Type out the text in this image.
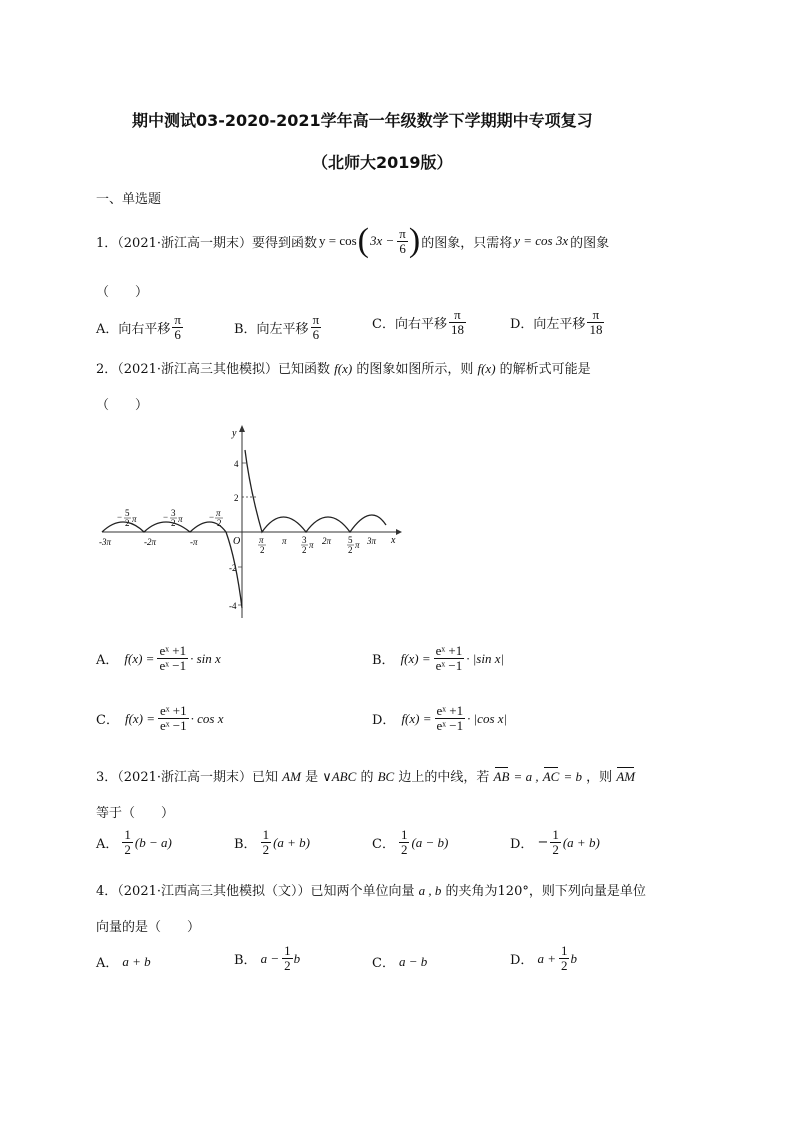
期中测试03-2020-2021学年高一年级数学下学期期中专项复习
（北师大2019版）
一、单选题
1．（2021·浙江高一期末）要得到函数 y = cos ( $3x - \frac{\pi}{6}$ ) 的图象，只需将 y = cos 3x 的图象
（　　）
A．向右平移 $\frac{\pi}{6}$	B．向左平移 $\frac{\pi}{6}$	C．向右平移 $\frac{\pi}{18}$	D．向左平移 $\frac{\pi}{18}$
2．（2021·浙江高三其他模拟）已知函数 f(x) 的图象如图所示，则 f(x) 的解析式可能是
（　　）
y
x
O
4
2
-2
-4
-3π	-2π	-π
− 5
2 π	− 3
2 π	− π
2
π
2
π 3
2 π 2π 5
2 π 3π
A． $f(x) = \frac{\text{eˣ +1}}{\text{eˣ −1}} \cdot \sin x$	B． $f(x) = \frac{\text{eˣ +1}}{\text{eˣ −1}} \cdot |\sin$ x|
C． $f(x) = \frac{\text{eˣ +1}}{\text{eˣ −1}} \cdot \cos x$	D． $f(x) = \frac{\text{eˣ +1}}{\text{eˣ −1}} \cdot |\cos$ x|
3．（2021·浙江高一期末）已知 AM 是 ∨ABC 的 BC 边上的中线，若 AB = a , AC = b ，则 AM
等于（　　）
A． $\frac{1}{2} (b - a)$	B． $\frac{1}{2} (a + b)$	C． $\frac{1}{2} (a - b)$	D． − $\frac{1}{2} (a + b)$
4．（2021·江西高三其他模拟（文））已知两个单位向量 a , b 的夹角为120°，则下列向量是单位
向量的是（　　）
A． a + b	B． $a - \frac{1}{2}$ b	C． a − b	D． $a + \frac{1}{2}$ b
